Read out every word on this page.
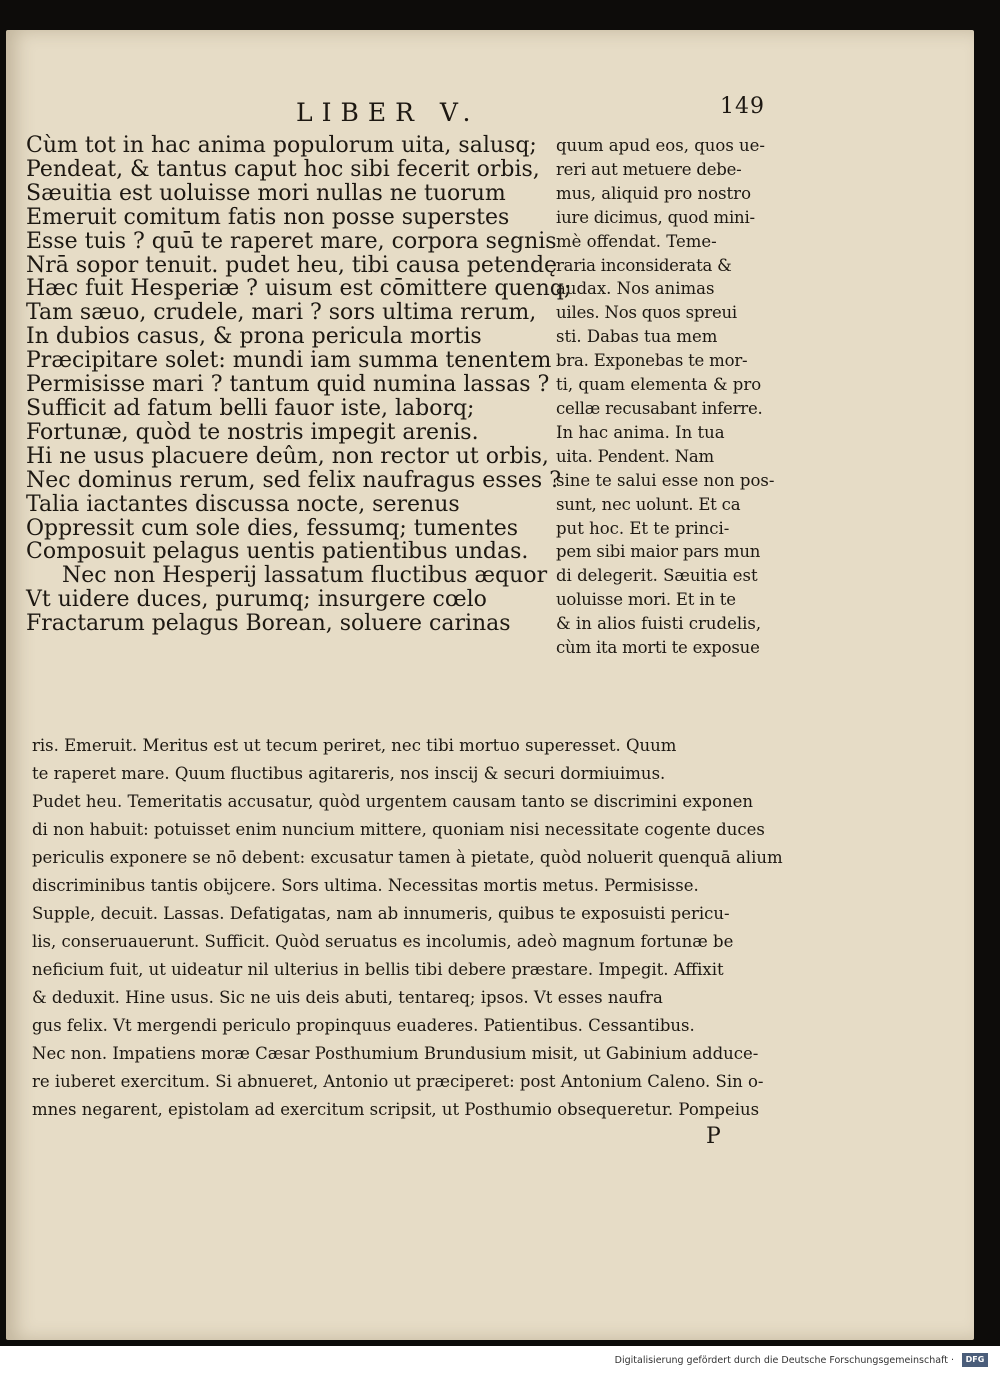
LIBER V.	149
Cùm tot in hac anima populorum uita, salusq;
Pendeat, & tantus caput hoc sibi fecerit orbis,
Sæuitia est uoluisse mori nullas ne tuorum
Emeruit comitum fatis non posse superstes
Esse tuis ? quū te raperet mare, corpora segnis
Nrā sopor tenuit. pudet heu, tibi causa petendę
Hæc fuit Hesperiæ ? uisum est cōmittere quenq;
Tam sæuo, crudele, mari ? sors ultima rerum,
In dubios casus, & prona pericula mortis
Præcipitare solet: mundi iam summa tenentem
Permisisse mari ? tantum quid numina lassas ?
Sufficit ad fatum belli fauor iste, laborq;
Fortunæ, quòd te nostris impegit arenis.
Hi ne usus placuere deûm, non rector ut orbis,
Nec dominus rerum, sed felix naufragus esses ?
Talia iactantes discussa nocte, serenus
Oppressit cum sole dies, fessumq; tumentes
Composuit pelagus uentis patientibus undas.
Nec non Hesperij lassatum fluctibus æquor
Vt uidere duces, purumq; insurgere cœlo
Fractarum pelagus Borean, soluere carinas
quum apud eos, quos ue-
reri aut metuere debe-
mus, aliquid pro nostro
iure dicimus, quod mini-
mè offendat. Teme-
raria inconsiderata &
audax. Nos animas
uiles. Nos quos spreui
sti. Dabas tua mem
bra. Exponebas te mor-
ti, quam elementa & pro
cellæ recusabant inferre.
In hac anima. In tua
uita. Pendent. Nam
sine te salui esse non pos-
sunt, nec uolunt. Et ca
put hoc. Et te princi-
pem sibi maior pars mun
di delegerit. Sæuitia est
uoluisse mori. Et in te
& in alios fuisti crudelis,
cùm ita morti te exposue
ris. Emeruit. Meritus est ut tecum periret, nec tibi mortuo superesset. Quum
te raperet mare. Quum fluctibus agitareris, nos inscij & securi dormiuimus.
Pudet heu. Temeritatis accusatur, quòd urgentem causam tanto se discrimini exponen
di non habuit: potuisset enim nuncium mittere, quoniam nisi necessitate cogente duces
periculis exponere se nō debent: excusatur tamen à pietate, quòd noluerit quenquā alium
discriminibus tantis obijcere. Sors ultima. Necessitas mortis metus. Permisisse.
Supple, decuit. Lassas. Defatigatas, nam ab innumeris, quibus te exposuisti pericu-
lis, conseruauerunt. Sufficit. Quòd seruatus es incolumis, adeò magnum fortunæ be
neficium fuit, ut uideatur nil ulterius in bellis tibi debere præstare. Impegit. Affixit
& deduxit. Hine usus. Sic ne uis deis abuti, tentareq; ipsos. Vt esses naufra
gus felix. Vt mergendi periculo propinquus euaderes. Patientibus. Cessantibus.
Nec non. Impatiens moræ Cæsar Posthumium Brundusium misit, ut Gabinium adduce-
re iuberet exercitum. Si abnueret, Antonio ut præciperet: post Antonium Caleno. Sin o-
mnes negarent, epistolam ad exercitum scripsit, ut Posthumio obsequeretur. Pompeius
P
Digitalisierung gefördert durch die Deutsche Forschungsgemeinschaft ·	DFG
